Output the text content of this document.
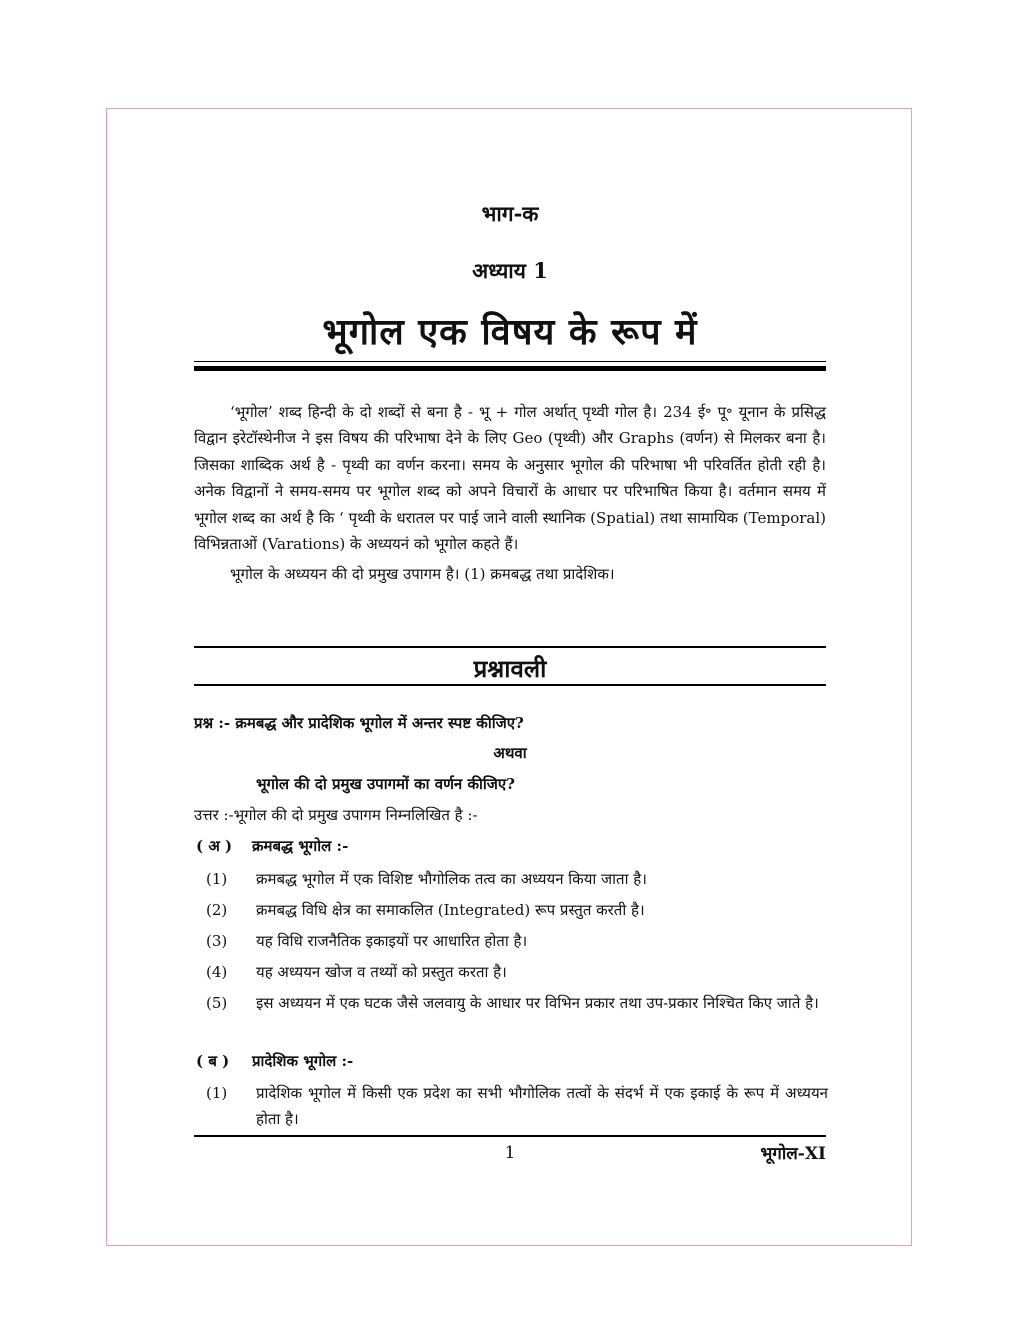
भाग-क
अध्याय 1
भूगोल एक विषय के रूप में

‘भूगोल’ शब्द हिन्दी के दो शब्दों से बना है - भू + गोल अर्थात् पृथ्वी गोल है। 234 ई॰ पू॰ यूनान के प्रसिद्ध विद्वान इरेटॉस्थेनीज ने इस विषय की परिभाषा देने के लिए Geo (पृथ्वी) और Graphs (वर्णन) से मिलकर बना है। जिसका शाब्दिक अर्थ है - पृथ्वी का वर्णन करना। समय के अनुसार भूगोल की परिभाषा भी परिवर्तित होती रही है। अनेक विद्वानों ने समय-समय पर भूगोल शब्द को अपने विचारों के आधार पर परिभाषित किया है। वर्तमान समय में भूगोल शब्द का अर्थ है कि ‘ पृथ्वी के धरातल पर पाई जाने वाली स्थानिक (Spatial) तथा सामायिक (Temporal) विभिन्नताओं (Varations) के अध्ययनं को भूगोल कहते हैं।

भूगोल के अध्ययन की दो प्रमुख उपागम है। (1) क्रमबद्ध तथा प्रादेशिक।

प्रश्नावली
प्रश्न :- क्रमबद्ध और प्रादेशिक भूगोल में अन्तर स्पष्ट कीजिए?
अथवा
भूगोल की दो प्रमुख उपागमों का वर्णन कीजिए?
उत्तर :-भूगोल की दो प्रमुख उपागम निम्नलिखित है :-
( अ ) क्रमबद्ध भूगोल :-
(1)	क्रमबद्ध भूगोल में एक विशिष्ट भौगोलिक तत्व का अध्ययन किया जाता है।
(2)	क्रमबद्ध विधि क्षेत्र का समाकलित (Integrated) रूप प्रस्तुत करती है।
(3)	यह विधि राजनैतिक इकाइयों पर आधारित होता है।
(4)	यह अध्ययन खोज व तथ्यों को प्रस्तुत करता है।
(5)	इस अध्ययन में एक घटक जैसे जलवायु के आधार पर विभिन प्रकार तथा उप-प्रकार निश्चित किए जाते है।
( ब ) प्रादेशिक भूगोल :-
(1)	प्रादेशिक भूगोल में किसी एक प्रदेश का सभी भौगोलिक तत्वों के संदर्भ में एक इकाई के रूप में अध्ययन होता है।
1	भूगोल-XI
